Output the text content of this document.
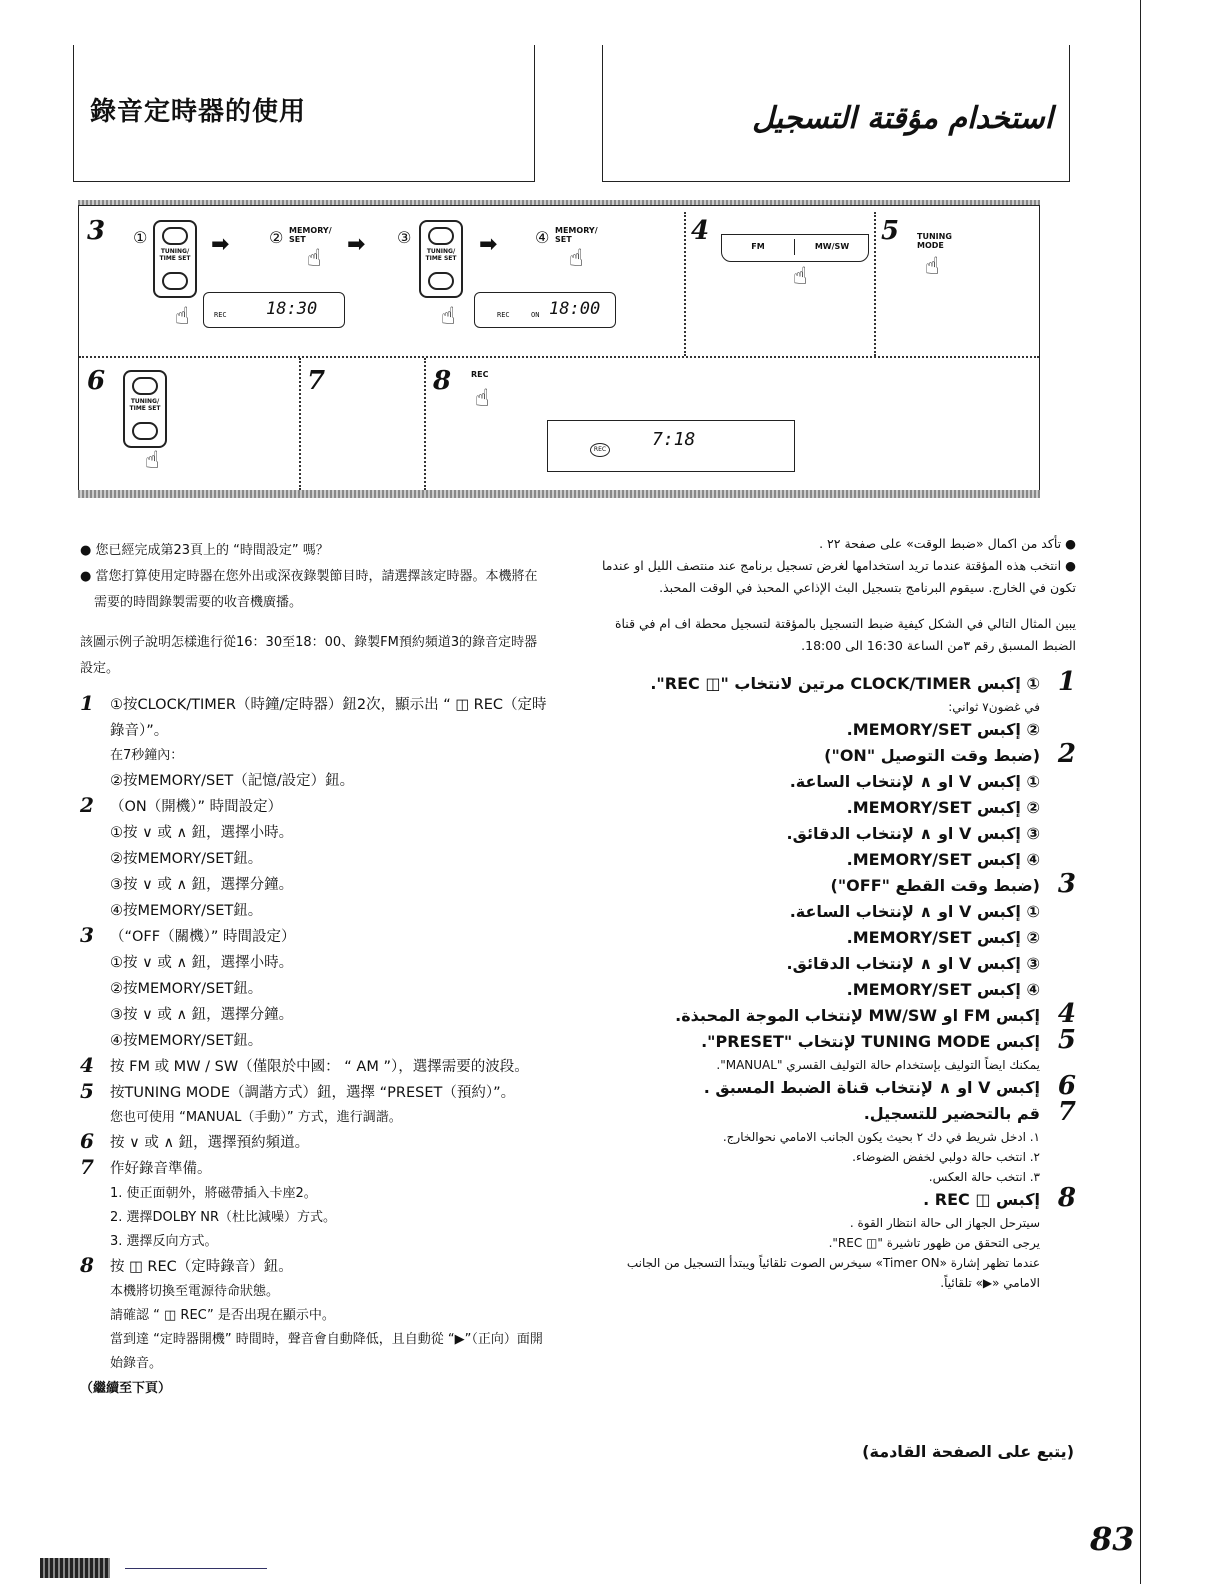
錄音定時器的使用	استخدام مؤقتة التسجيل
3 ①
TUNING/ TIME SET
☝
➡ ② MEMORY/ SET
☝ ➡
REC 18:30
③
TUNING/ TIME SET
☝
➡ ④ MEMORY/ SET
☝
REC	ON 18:00
4
FM	MW/SW
☝
5 TUNING MODE
☝
6
TUNING/ TIME SET
☝
7	8 REC
☝
REC	7:18

● 您已經完成第23頁上的 “時間設定” 嗎？

● 當您打算使用定時器在您外出或深夜錄製節目時，請選擇該定時器。本機將在需要的時間錄製需要的收音機廣播。

該圖示例子說明怎樣進行從16：30至18：00、錄製FM預約頻道3的錄音定時器設定。

1 ①按CLOCK/TIMER（時鐘/定時器）鈕2次，顯示出 “ ◫ REC（定時錄音）”。

在7秒鐘內：

②按MEMORY/SET（記憶/設定）鈕。

2 （ON（開機）” 時間設定）

①按 ∨ 或 ∧ 鈕，選擇小時。

②按MEMORY/SET鈕。

③按 ∨ 或 ∧ 鈕，選擇分鐘。

④按MEMORY/SET鈕。

3 （“OFF（關機）” 時間設定）

①按 ∨ 或 ∧ 鈕，選擇小時。

②按MEMORY/SET鈕。

③按 ∨ 或 ∧ 鈕，選擇分鐘。

④按MEMORY/SET鈕。

4 按 FM 或 MW / SW（僅限於中國： “ AM ”），選擇需要的波段。

5 按TUNING MODE（調諧方式）鈕，選擇 “PRESET（預約）”。

您也可使用 “MANUAL（手動）” 方式，進行調諧。

6 按 ∨ 或 ∧ 鈕，選擇預約頻道。

7 作好錄音準備。

1. 使正面朝外，將磁帶插入卡座2。

2. 選擇DOLBY NR（杜比減噪）方式。

3. 選擇反向方式。

8 按 ◫ REC（定時錄音）鈕。

本機將切換至電源待命狀態。

請確認 “ ◫ REC” 是否出現在顯示中。

當到達 “定時器開機” 時間時，聲音會自動降低，且自動從 “▶”（正向）面開始錄音。

（繼續至下頁）

● تأكد من اكمال «ضبط الوقت» على صفحة ٢٢ .
● انتخب هذه المؤقتة عندما تريد استخدامها لغرض تسجيل برنامج عند منتصف الليل او عندما تكون في الخارج. سيقوم البرنامج بتسجيل البث الإذاعي المحبذ في الوقت المحبذ.
يبين المثال التالي في الشكل كيفية ضبط التسجيل بالمؤقتة لتسجيل محطة اف ام في قناة الضبط المسبق رقم ٣من الساعة 16:30 الى 18:00.
1
① إكبس CLOCK/TIMER مرتين لانتخاب "◫ REC".
في غضون٧ ثواني:
② إكبس MEMORY/SET.
2
(ضبط وقت التوصيل "ON")
① إكبس V او ∧ لإنتخاب الساعة.
② إكبس MEMORY/SET.
③ إكبس V او ∧ لإنتخاب الدقائق.
④ إكبس MEMORY/SET.
3
(ضبط وقت القطع "OFF")
① إكبس V او ∧ لإنتخاب الساعة.
② إكبس MEMORY/SET.
③ إكبس V او ∧ لإنتخاب الدقائق.
④ إكبس MEMORY/SET.
4
إكبس FM او MW/SW لإنتخاب الموجة المحبذة.
5
إكبس TUNING MODE لإنتخاب "PRESET".
يمكنك ايضاً التوليف بإستخدام حالة التوليف القسري "MANUAL".
6
إكبس V او ∧ لإنتخاب قناة الضبط المسبق .
7
قم بالتحضير للتسجيل.
١. ادخل شريط في دك ٢ بحيث يكون الجانب الامامي نحوالخارج.
٢. انتخب حالة دولبي لخفض الضوضاء.
٣. انتخب حالة العكس.
8
إكبس ◫ REC .
سيترحل الجهاز الى حالة انتظار القوة .
يرجى التحقق من ظهور تاشيرة "◫ REC".
عندما تظهر إشارة «Timer ON» سيخرس الصوت تلقائياً ويبتدأ التسجيل من الجانب الامامي «▶» تلقائياً.
(يتبع على الصفحة القادمة)
83
